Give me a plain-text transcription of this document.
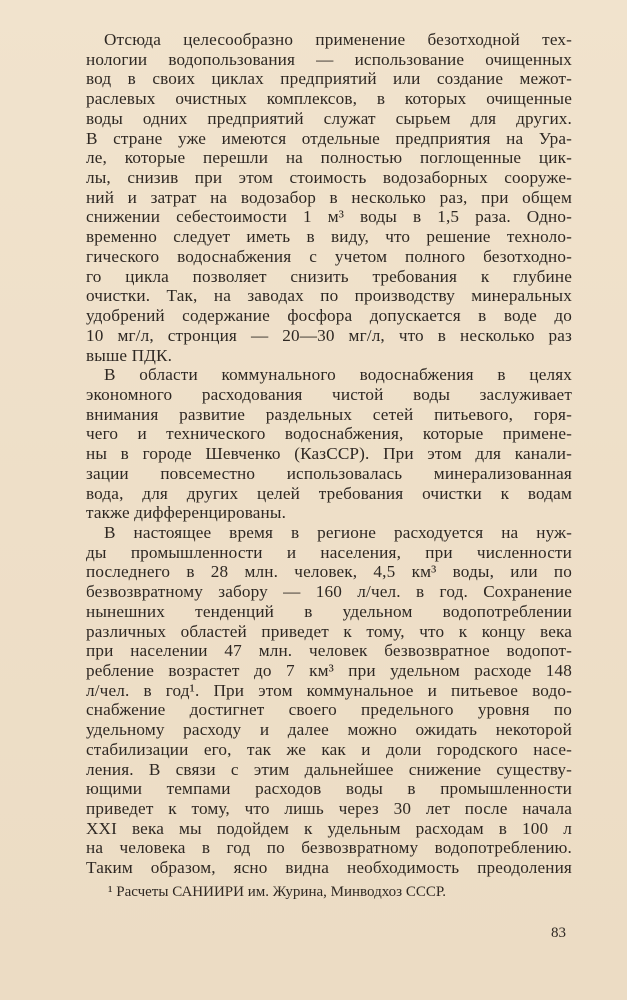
Отсюда целесообразно применение безотходной тех-
нологии водопользования — использование очищенных
вод в своих циклах предприятий или создание межот-
раслевых очистных комплексов, в которых очищенные
воды одних предприятий служат сырьем для других.
В стране уже имеются отдельные предприятия на Ура-
ле, которые перешли на полностью поглощенные цик-
лы, снизив при этом стоимость водозаборных сооруже-
ний и затрат на водозабор в несколько раз, при общем
снижении себестоимости 1 м³ воды в 1,5 раза. Одно-
временно следует иметь в виду, что решение техноло-
гического водоснабжения с учетом полного безотходно-
го цикла позволяет снизить требования к глубине
очистки. Так, на заводах по производству минеральных
удобрений содержание фосфора допускается в воде до
10 мг/л, стронция — 20—30 мг/л, что в несколько раз
выше ПДК.
В области коммунального водоснабжения в целях
экономного расходования чистой воды заслуживает
внимания развитие раздельных сетей питьевого, горя-
чего и технического водоснабжения, которые примене-
ны в городе Шевченко (КазССР). При этом для канали-
зации повсеместно использовалась минерализованная
вода, для других целей требования очистки к водам
также дифференцированы.
В настоящее время в регионе расходуется на нуж-
ды промышленности и населения, при численности
последнего в 28 млн. человек, 4,5 км³ воды, или по
безвозвратному забору — 160 л/чел. в год. Сохранение
нынешних тенденций в удельном водопотреблении
различных областей приведет к тому, что к концу века
при населении 47 млн. человек безвозвратное водопот-
ребление возрастет до 7 км³ при удельном расходе 148
л/чел. в год¹. При этом коммунальное и питьевое водо-
снабжение достигнет своего предельного уровня по
удельному расходу и далее можно ожидать некоторой
стабилизации его, так же как и доли городского насе-
ления. В связи с этим дальнейшее снижение существу-
ющими темпами расходов воды в промышленности
приведет к тому, что лишь через 30 лет после начала
XXI века мы подойдем к удельным расходам в 100 л
на человека в год по безвозвратному водопотреблению.
Таким образом, ясно видна необходимость преодоления
¹ Расчеты САНИИРИ им. Журина, Минводхоз СССР.
83
